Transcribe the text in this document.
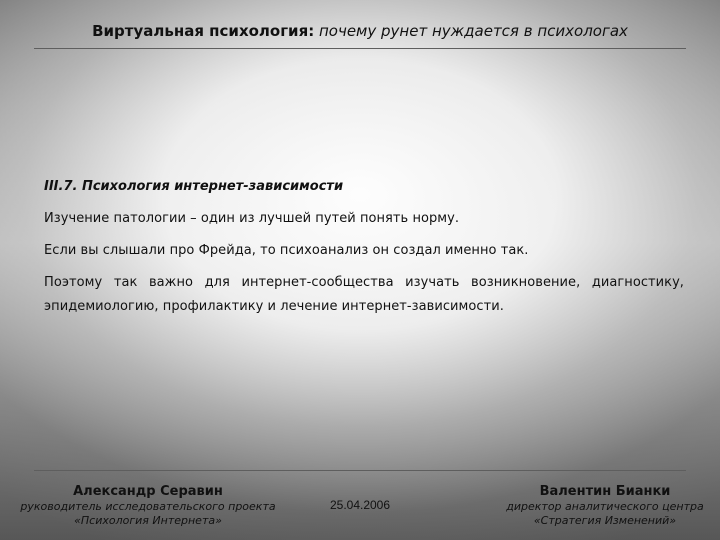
Виртуальная психология: почему рунет нуждается в психологах
III.7. Психология интернет-зависимости
Изучение патологии – один из лучшей путей понять норму.
Если вы слышали про Фрейда, то психоанализ он создал именно так.
Поэтому так важно для интернет-сообщества изучать возникновение, диагностику, эпидемиологию, профилактику и лечение интернет-зависимости.
Александр Серавин
руководитель исследовательского проекта
«Психология Интернета»
25.04.2006
Валентин Бианки
директор аналитического центра
«Стратегия Изменений»
